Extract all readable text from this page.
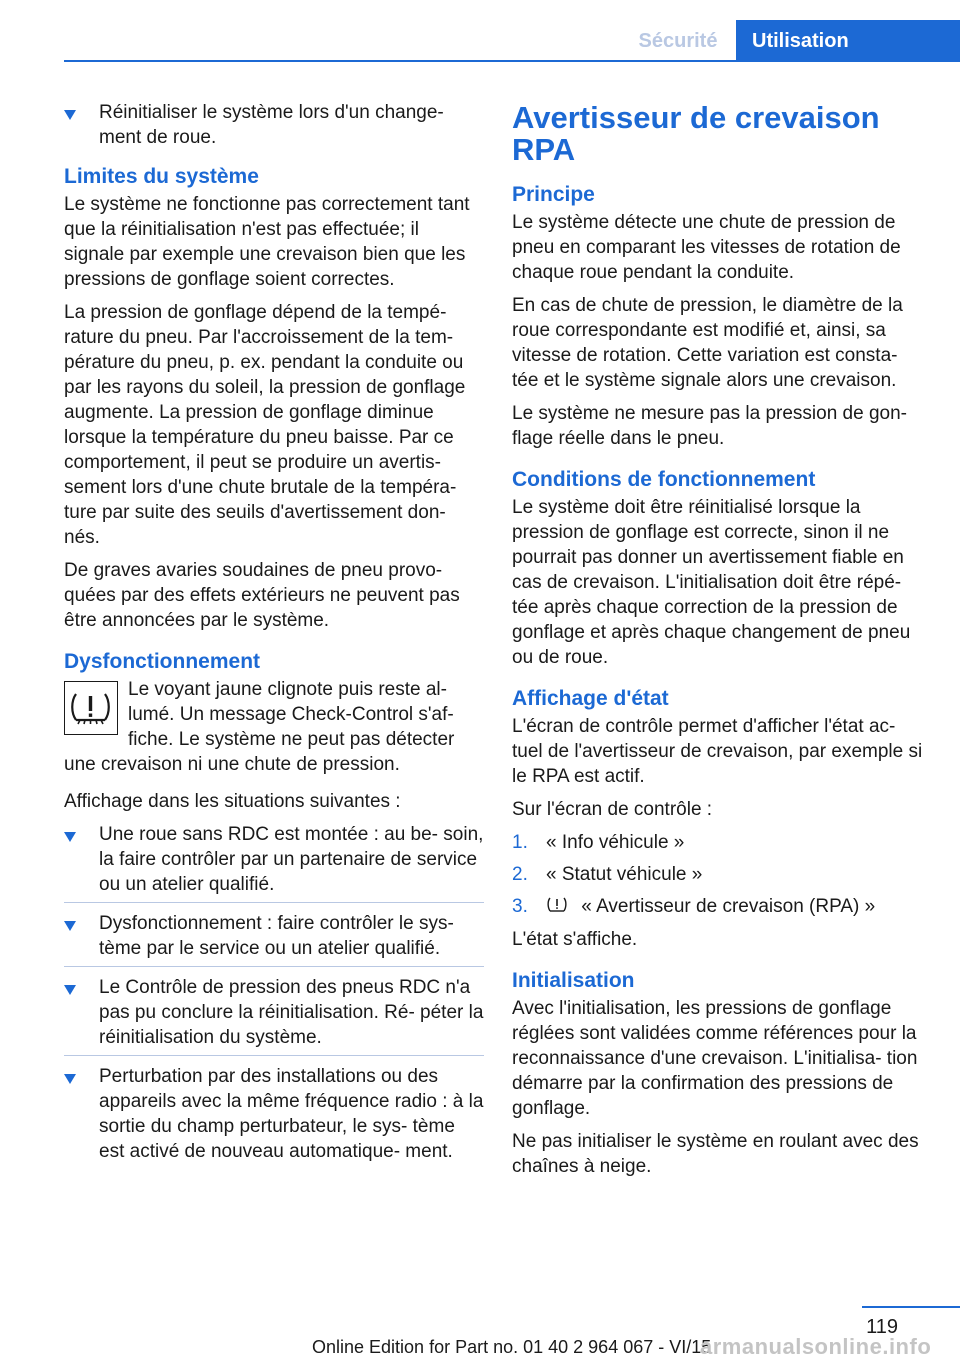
Sécurité	Utilisation
Réinitialiser le système lors d'un change‐ ment de roue.
Limites du système

Le système ne fonctionne pas correctement tant que la réinitialisation n'est pas effectuée; il signale par exemple une crevaison bien que les pressions de gonflage soient correctes.

La pression de gonflage dépend de la tempé‐ rature du pneu. Par l'accroissement de la tem‐ pérature du pneu, p. ex. pendant la conduite ou par les rayons du soleil, la pression de gonflage augmente. La pression de gonflage diminue lorsque la température du pneu baisse. Par ce comportement, il peut se produire un avertis‐ sement lors d'une chute brutale de la tempéra‐ ture par suite des seuils d'avertissement don‐ nés.

De graves avaries soudaines de pneu provo‐ quées par des effets extérieurs ne peuvent pas être annoncées par le système.

Dysfonctionnement
Le voyant jaune clignote puis reste al‐ lumé. Un message Check-Control s'af‐ fiche. Le système ne peut pas détecter une crevaison ni une chute de pression.

Affichage dans les situations suivantes :

Une roue sans RDC est montée : au be‐ soin, la faire contrôler par un partenaire de service ou un atelier qualifié.
Dysfonctionnement : faire contrôler le sys‐ tème par le service ou un atelier qualifié.
Le Contrôle de pression des pneus RDC n'a pas pu conclure la réinitialisation. Ré‐ péter la réinitialisation du système.
Perturbation par des installations ou des appareils avec la même fréquence radio : à la sortie du champ perturbateur, le sys‐ tème est activé de nouveau automatique‐ ment.
Avertisseur de crevaison RPA
Principe

Le système détecte une chute de pression de pneu en comparant les vitesses de rotation de chaque roue pendant la conduite.

En cas de chute de pression, le diamètre de la roue correspondante est modifié et, ainsi, sa vitesse de rotation. Cette variation est consta‐ tée et le système signale alors une crevaison.

Le système ne mesure pas la pression de gon‐ flage réelle dans le pneu.

Conditions de fonctionnement

Le système doit être réinitialisé lorsque la pression de gonflage est correcte, sinon il ne pourrait pas donner un avertissement fiable en cas de crevaison. L'initialisation doit être répé‐ tée après chaque correction de la pression de gonflage et après chaque changement de pneu ou de roue.

Affichage d'état

L'écran de contrôle permet d'afficher l'état ac‐ tuel de l'avertisseur de crevaison, par exemple si le RPA est actif.

Sur l'écran de contrôle :

1. « Info véhicule »
2. « Statut véhicule »
3.	« Avertisseur de crevaison (RPA) »

L'état s'affiche.

Initialisation

Avec l'initialisation, les pressions de gonflage réglées sont validées comme références pour la reconnaissance d'une crevaison. L'initialisa‐ tion démarre par la confirmation des pressions de gonflage.

Ne pas initialiser le système en roulant avec des chaînes à neige.

119
Online Edition for Part no. 01 40 2 964 067 - VI/15
armanualsonline.info
